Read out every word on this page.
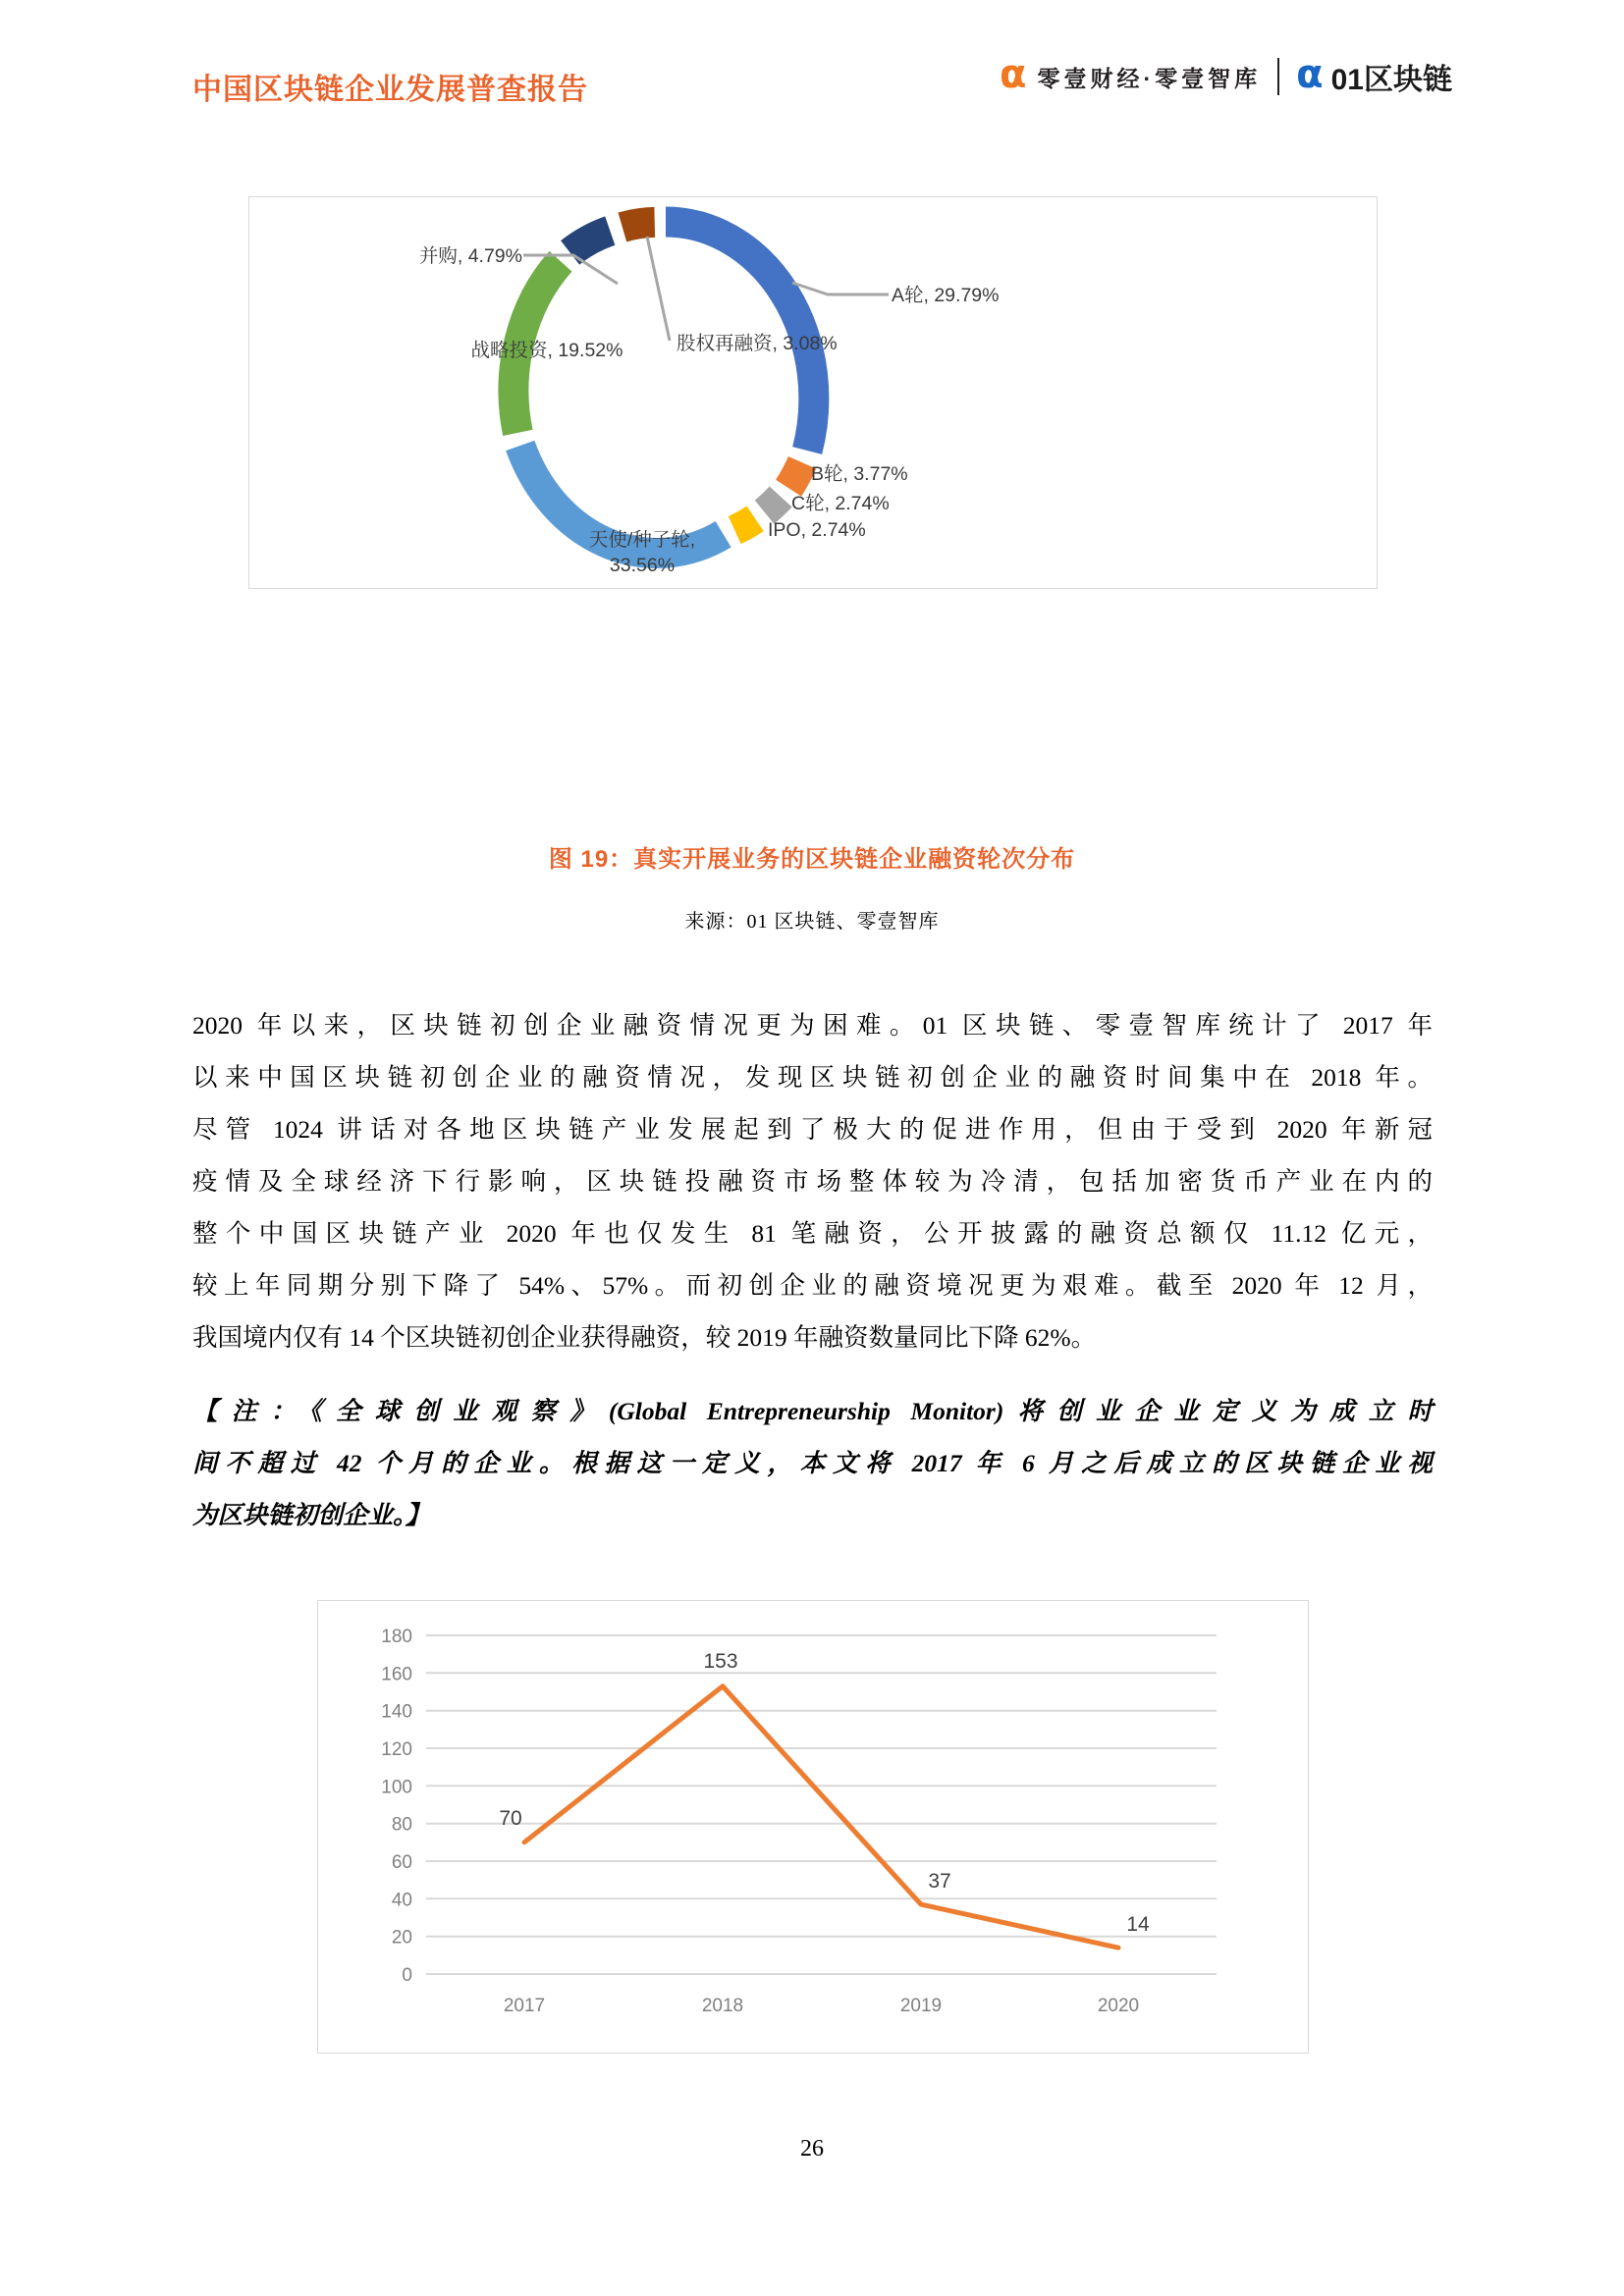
中国区块链企业发展普查报告	α 零壹财经·零壹智库 α 01区块链
A轮, 29.79%
并购, 4.79%
股权再融资, 3.08%
战略投资, 19.52%
B轮, 3.77%
C轮, 2.74%
IPO, 2.74%
天使/种子轮,
33.56%
图 19：真实开展业务的区块链企业融资轮次分布
来源：01 区块链、零壹智库

2020 年以来，区块链初创企业融资情况更为困难。01 区块链、零壹智库统计了 2017 年

以来中国区块链初创企业的融资情况，发现区块链初创企业的融资时间集中在 2018 年。

尽管 1024 讲话对各地区块链产业发展起到了极大的促进作用，但由于受到 2020 年新冠

疫情及全球经济下行影响，区块链投融资市场整体较为冷清，包括加密货币产业在内的

整个中国区块链产业 2020 年也仅发生 81 笔融资，公开披露的融资总额仅 11.12 亿元，

较上年同期分别下降了 54%、57%。而初创企业的融资境况更为艰难。截至 2020 年 12 月，

我国境内仅有 14 个区块链初创企业获得融资，较 2019 年融资数量同比下降 62%。

【注：《全球创业观察》(Global Entrepreneurship Monitor)将创业企业定义为成立时

间不超过 42 个月的企业。根据这一定义，本文将 2017 年 6 月之后成立的区块链企业视

为区块链初创企业。】

0
20
40
60
80
100
120
140
160
180
70
153
37
14
2017	2018	2019	2020
26
